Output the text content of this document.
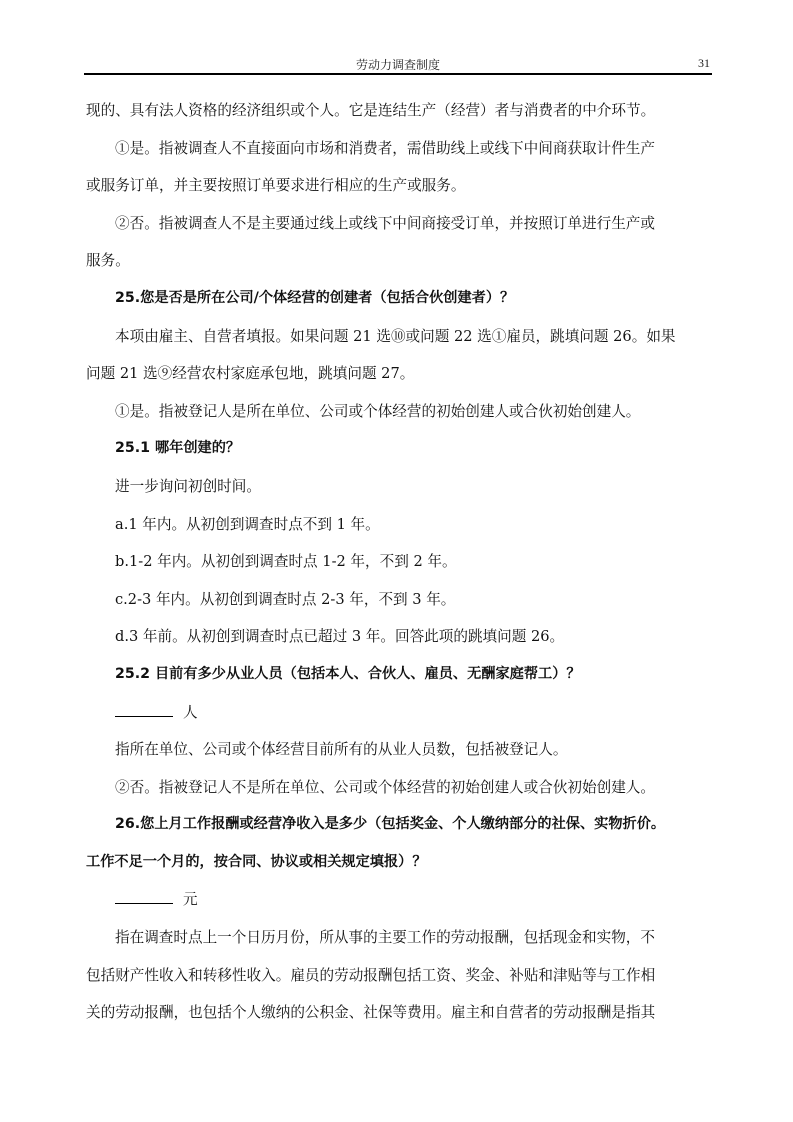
劳动力调查制度	31
现的、具有法人资格的经济组织或个人。它是连结生产（经营）者与消费者的中介环节。
①是。指被调查人不直接面向市场和消费者，需借助线上或线下中间商获取计件生产
或服务订单，并主要按照订单要求进行相应的生产或服务。
②否。指被调查人不是主要通过线上或线下中间商接受订单，并按照订单进行生产或
服务。
25.您是否是所在公司/个体经营的创建者（包括合伙创建者）？
本项由雇主、自营者填报。如果问题 21 选⑩或问题 22 选①雇员，跳填问题 26。如果
问题 21 选⑨经营农村家庭承包地，跳填问题 27。
①是。指被登记人是所在单位、公司或个体经营的初始创建人或合伙初始创建人。
25.1 哪年创建的？
进一步询问初创时间。
a.1 年内。从初创到调查时点不到 1 年。
b.1-2 年内。从初创到调查时点 1-2 年，不到 2 年。
c.2-3 年内。从初创到调查时点 2-3 年，不到 3 年。
d.3 年前。从初创到调查时点已超过 3 年。回答此项的跳填问题 26。
25.2 目前有多少从业人员（包括本人、合伙人、雇员、无酬家庭帮工）？
人
指所在单位、公司或个体经营目前所有的从业人员数，包括被登记人。
②否。指被登记人不是所在单位、公司或个体经营的初始创建人或合伙初始创建人。
26.您上月工作报酬或经营净收入是多少（包括奖金、个人缴纳部分的社保、实物折价。
工作不足一个月的，按合同、协议或相关规定填报）？
元
指在调查时点上一个日历月份，所从事的主要工作的劳动报酬，包括现金和实物，不
包括财产性收入和转移性收入。雇员的劳动报酬包括工资、奖金、补贴和津贴等与工作相
关的劳动报酬，也包括个人缴纳的公积金、社保等费用。雇主和自营者的劳动报酬是指其
